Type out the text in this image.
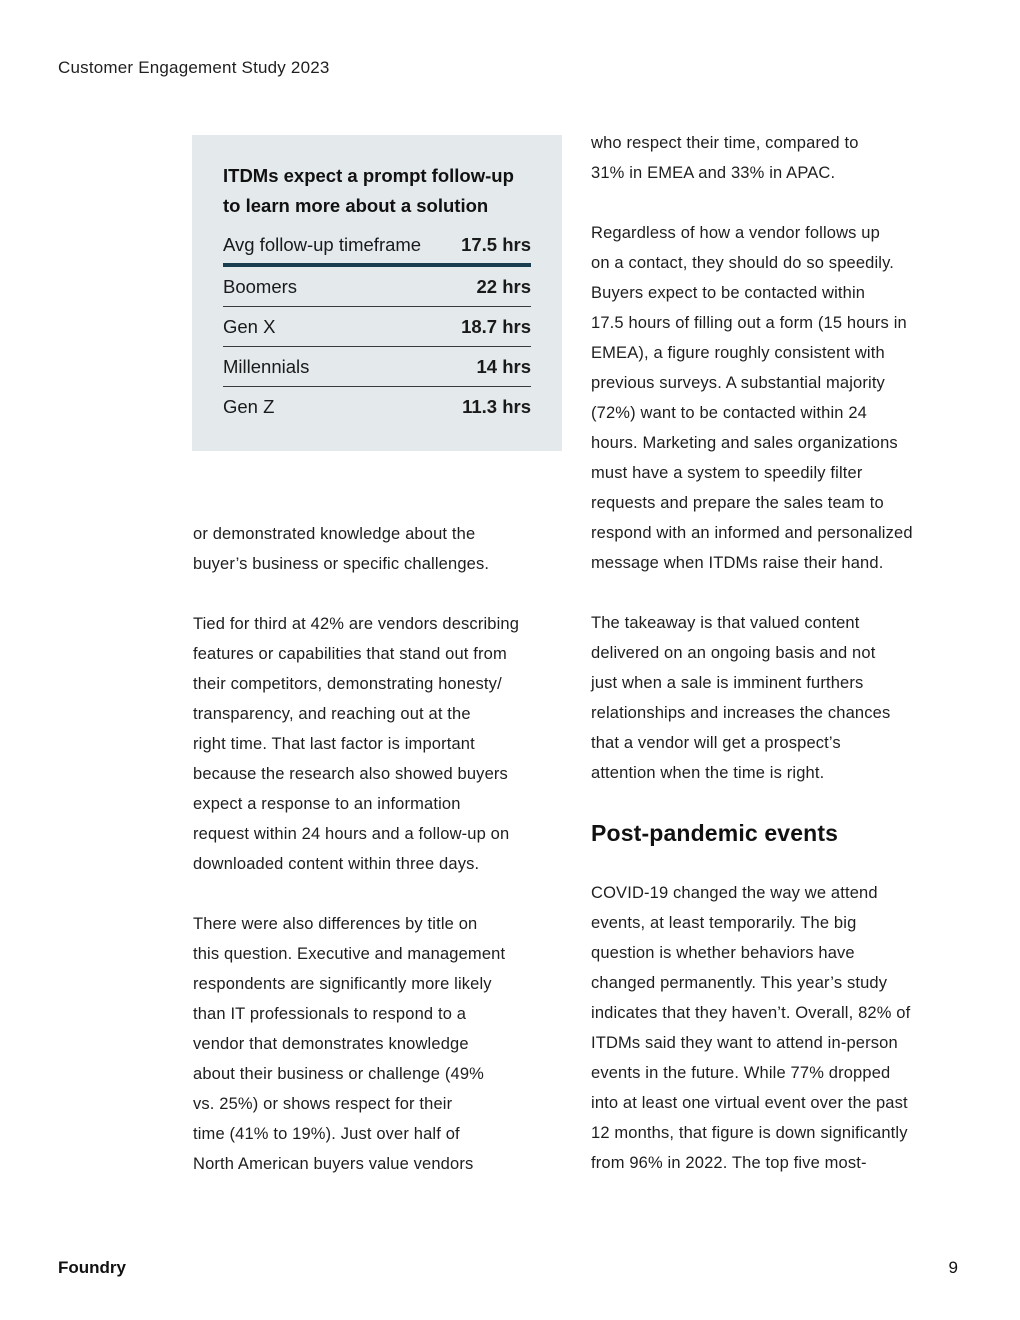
Customer Engagement Study 2023
ITDMs expect a prompt follow-up
to learn more about a solution
Avg follow-up timeframe 17.5 hrs
Boomers	22 hrs
Gen X	18.7 hrs
Millennials	14 hrs
Gen Z	11.3 hrs

or demonstrated knowledge about the
buyer’s business or specific challenges.

Tied for third at 42% are vendors describing
features or capabilities that stand out from
their competitors, demonstrating honesty/
transparency, and reaching out at the
right time. That last factor is important
because the research also showed buyers
expect a response to an information
request within 24 hours and a follow-up on
downloaded content within three days.

There were also differences by title on
this question. Executive and management
respondents are significantly more likely
than IT professionals to respond to a
vendor that demonstrates knowledge
about their business or challenge (49%
vs. 25%) or shows respect for their
time (41% to 19%). Just over half of
North American buyers value vendors

who respect their time, compared to
31% in EMEA and 33% in APAC.

Regardless of how a vendor follows up
on a contact, they should do so speedily.
Buyers expect to be contacted within
17.5 hours of filling out a form (15 hours in
EMEA), a figure roughly consistent with
previous surveys. A substantial majority
(72%) want to be contacted within 24
hours. Marketing and sales organizations
must have a system to speedily filter
requests and prepare the sales team to
respond with an informed and personalized
message when ITDMs raise their hand.

The takeaway is that valued content
delivered on an ongoing basis and not
just when a sale is imminent furthers
relationships and increases the chances
that a vendor will get a prospect’s
attention when the time is right.

Post-pandemic events

COVID-19 changed the way we attend
events, at least temporarily. The big
question is whether behaviors have
changed permanently. This year’s study
indicates that they haven’t. Overall, 82% of
ITDMs said they want to attend in-person
events in the future. While 77% dropped
into at least one virtual event over the past
12 months, that figure is down significantly
from 96% in 2022. The top five most-

Foundry	9
